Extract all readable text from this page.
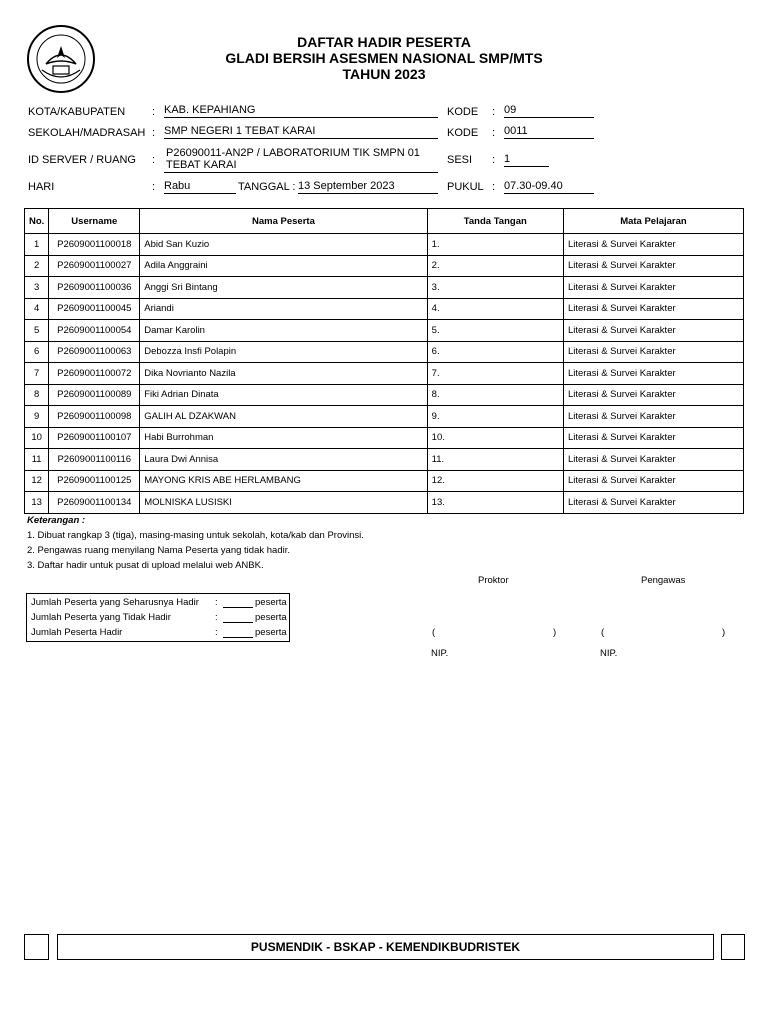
DAFTAR HADIR PESERTA
GLADI BERSIH ASESMEN NASIONAL SMP/MTS
TAHUN 2023
KOTA/KABUPATEN : KAB. KEPAHIANG
SEKOLAH/MADRASAH : SMP NEGERI 1 TEBAT KARAI
ID SERVER / RUANG :
P26090011-AN2P / LABORATORIUM TIK SMPN 01
TEBAT KARAI
HARI	: Rabu	TANGGAL : 13 September 2023
KODE : 09
KODE : 0011
SESI : 1
PUKUL : 07.30-09.40
No.	Username	Nama Peserta	Tanda Tangan	Mata Pelajaran
1	P2609001100018	Abid San Kuzio	1.	Literasi & Survei Karakter
2	P2609001100027	Adila Anggraini	2.	Literasi & Survei Karakter
3	P2609001100036	Anggi Sri Bintang	3.	Literasi & Survei Karakter
4	P2609001100045	Ariandi	4.	Literasi & Survei Karakter
5	P2609001100054	Damar Karolin	5.	Literasi & Survei Karakter
6	P2609001100063	Debozza Insfi Polapin	6.	Literasi & Survei Karakter
7	P2609001100072	Dika Novrianto Nazila	7.	Literasi & Survei Karakter
8	P2609001100089	Fiki Adrian Dinata	8.	Literasi & Survei Karakter
9	P2609001100098	GALIH AL DZAKWAN	9.	Literasi & Survei Karakter
10	P2609001100107	Habi Burrohman	10.	Literasi & Survei Karakter
11	P2609001100116	Laura Dwi Annisa	11.	Literasi & Survei Karakter
12	P2609001100125	MAYONG KRIS ABE HERLAMBANG	12.	Literasi & Survei Karakter
13	P2609001100134	MOLNISKA LUSISKI	13.	Literasi & Survei Karakter
Keterangan :
1. Dibuat rangkap 3 (tiga), masing-masing untuk sekolah, kota/kab dan Provinsi.
2. Pengawas ruang menyilang Nama Peserta yang tidak hadir.
3. Daftar hadir untuk pusat di upload melalui web ANBK.
Jumlah Peserta yang Seharusnya Hadir :	peserta
Jumlah Peserta yang Tidak Hadir	:	peserta
Jumlah Peserta Hadir	:	peserta
Proktor	Pengawas
(	)	(	)
NIP.	NIP.
PUSMENDIK - BSKAP - KEMENDIKBUDRISTEK
